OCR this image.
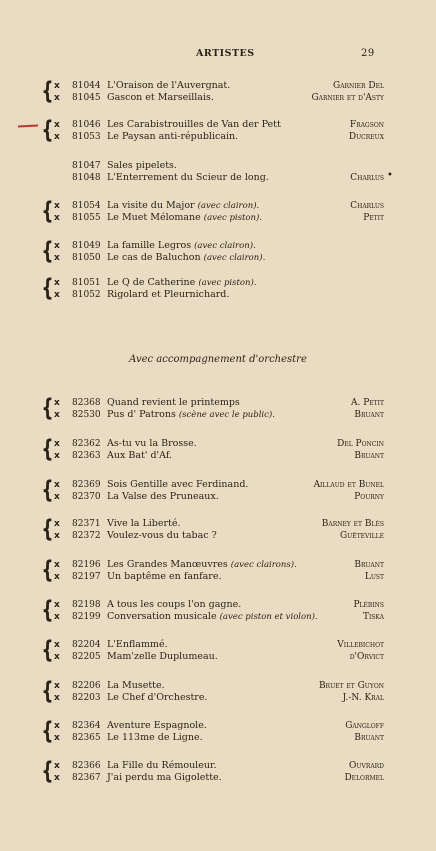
ARTISTES	29
•
Avec accompagnement d'orchestre
{ x 81044 L'Oraison de l'Auvergnat.	Garnier Del
x 81045 Gascon et Marseillais.	Garnier et d'Asty
{ x 81046 Les Carabistrouilles de Van der Pett	Fragson
x 81053 Le Paysan anti-républicain.	Ducreux
81047 Sales pipelets.
81048 L'Enterrement du Scieur de long.	Charlus
{ x 81054 La visite du Major (avec clairon).	Charlus
x 81055 Le Muet Mélomane (avec piston).	Petit
{ x 81049 La famille Legros (avec clairon).
x 81050 Le cas de Baluchon (avec clairon).
{ x 81051 Le Q de Catherine (avec piston).
x 81052 Rigolard et Pleurnichard.
{ x 82368 Quand revient le printemps	A. Petit
x 82530 Pus d' Patrons (scène avec le public).	Bruant
{ x 82362 As-tu vu la Brosse.	Del Poncin
x 82363 Aux Bat' d'Af.	Bruant
{ x 82369 Sois Gentille avec Ferdinand.	Aillaud et Bunel
x 82370 La Valse des Pruneaux.	Pourny
{ x 82371 Vive la Liberté.	Barney et Blès
x 82372 Voulez-vous du tabac ?	Guêteville
{ x 82196 Les Grandes Manœuvres (avec clairons).	Bruant
x 82197 Un baptême en fanfare.	Lust
{ x 82198 A tous les coups l'on gagne.	Plébins
x 82199 Conversation musicale (avec piston et violon).	Tiska
{ x 82204 L'Enflammé.	Villebichot
x 82205 Mam'zelle Duplumeau.	d'Orvict
{ x 82206 La Musette.	Bruet et Guyon
x 82203 Le Chef d'Orchestre.	J.-N. Kral
{ x 82364 Aventure Espagnole.	Gangloff
x 82365 Le 113me de Ligne.	Bruant
{ x 82366 La Fille du Rémouleur.	Ouvrard
x 82367 J'ai perdu ma Gigolette.	Delormel
